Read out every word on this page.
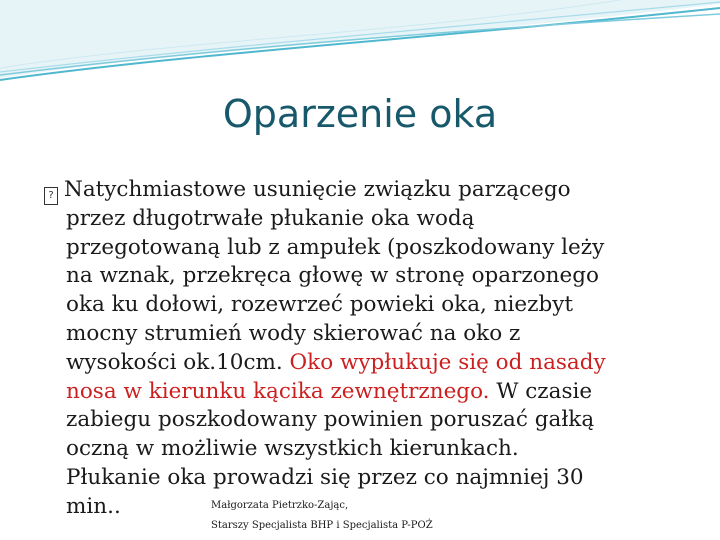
Oparzenie oka
? Natychmiastowe usunięcie związku parzącego
przez długotrwałe płukanie oka wodą
przegotowaną lub z ampułek (poszkodowany leży
na wznak, przekręca głowę w stronę oparzonego
oka ku dołowi, rozewrzeć powieki oka, niezbyt
mocny strumień wody skierować na oko z
wysokości ok.10cm. Oko wypłukuje się od nasady
nosa w kierunku kącika zewnętrznego. W czasie
zabiegu poszkodowany powinien poruszać gałką
oczną w możliwie wszystkich kierunkach.
Płukanie oka prowadzi się przez co najmniej 30
min..	Małgorzata Pietrzko-Zając,
Starszy Specjalista BHP i Specjalista P-POŻ
